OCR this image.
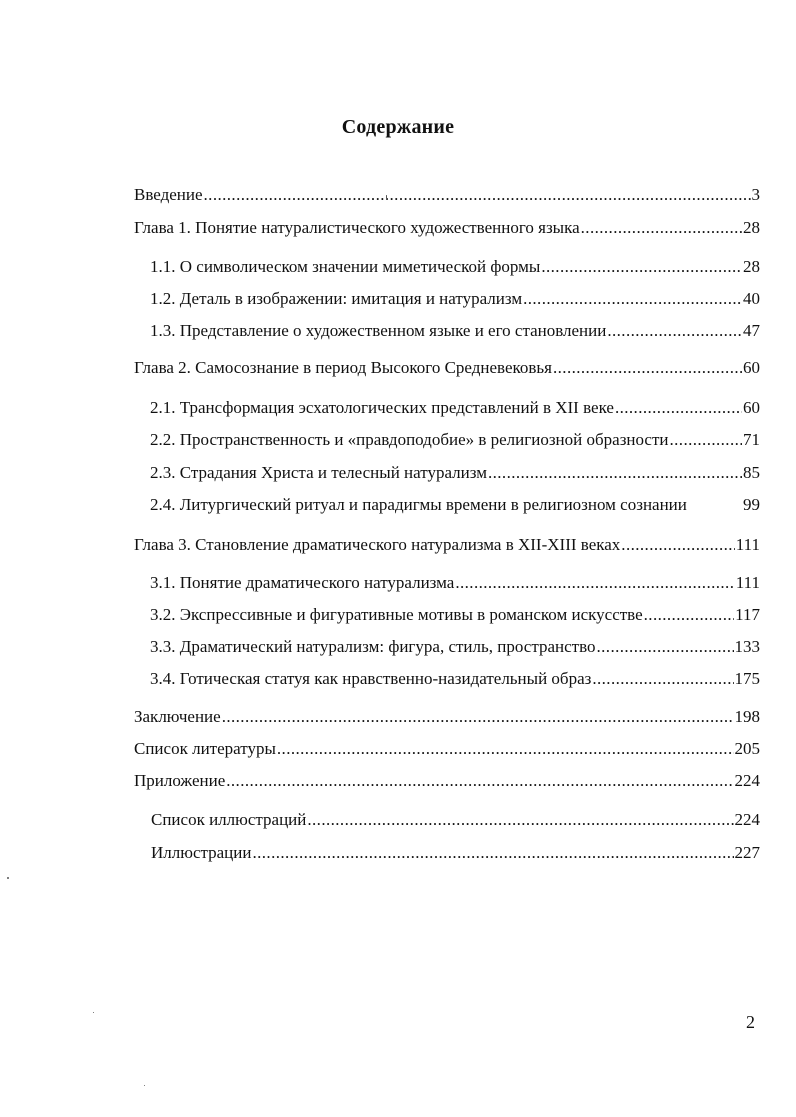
Содержание
Введение .....	3
Глава 1. Понятие натуралистического художественного языка .....	28
1.1. О символическом значении миметической формы .....	28
1.2. Деталь в изображении: имитация и натурализм .....	40
1.3. Представление о художественном языке и его становлении .....	47
Глава 2. Самосознание в период Высокого Средневековья .....	60
2.1. Трансформация эсхатологических представлений в XII веке .....	60
2.2. Пространственность и «правдоподобие» в религиозной образности .....	71
2.3. Страдания Христа и телесный натурализм .....	85
2.4. Литургический ритуал и парадигмы времени в религиозном сознании	99
Глава 3. Становление драматического натурализма в XII-XIII веках .....	111
3.1. Понятие драматического натурализма .....	111
3.2. Экспрессивные и фигуративные мотивы в романском искусстве .....	117
3.3. Драматический натурализм: фигура, стиль, пространство .....	133
3.4. Готическая статуя как нравственно-назидательный образ .....	175
Заключение .....	198
Список литературы .....	205
Приложение .....	224
Список иллюстраций .....	224
Иллюстрации .....	227
2
